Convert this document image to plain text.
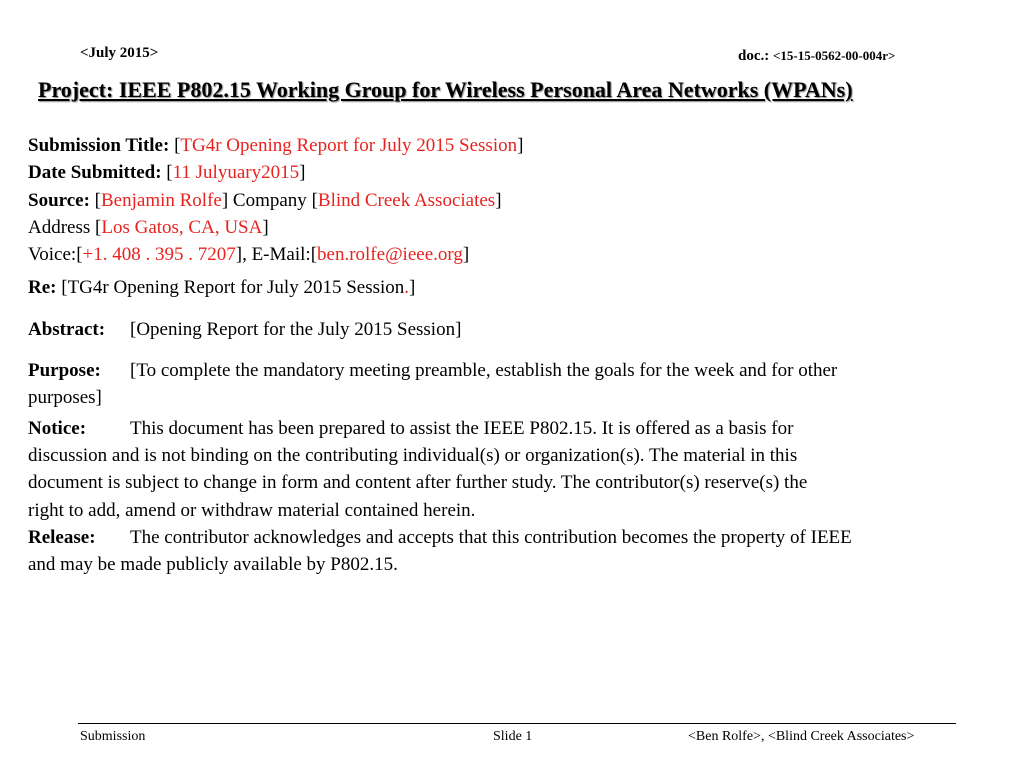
<July 2015>	doc.: <15-15-0562-00-004r>
Project: IEEE P802.15 Working Group for Wireless Personal Area Networks (WPANs)
Submission Title: [TG4r Opening Report for July 2015 Session]
Date Submitted: [11 Julyuary2015]
Source: [Benjamin Rolfe] Company [Blind Creek Associates]
Address [Los Gatos, CA, USA]
Voice:[+1. 408 . 395 . 7207], E-Mail:[ben.rolfe@ieee.org]
Re: [TG4r Opening Report for July 2015 Session.]
Abstract: [Opening Report for the July 2015 Session]
Purpose: [To complete the mandatory meeting preamble, establish the goals for the week and for other
purposes]
Notice: This document has been prepared to assist the IEEE P802.15. It is offered as a basis for
discussion and is not binding on the contributing individual(s) or organization(s). The material in this
document is subject to change in form and content after further study. The contributor(s) reserve(s) the
right to add, amend or withdraw material contained herein.
Release: The contributor acknowledges and accepts that this contribution becomes the property of IEEE
and may be made publicly available by P802.15.
Submission	Slide 1	<Ben Rolfe>, <Blind Creek Associates>
